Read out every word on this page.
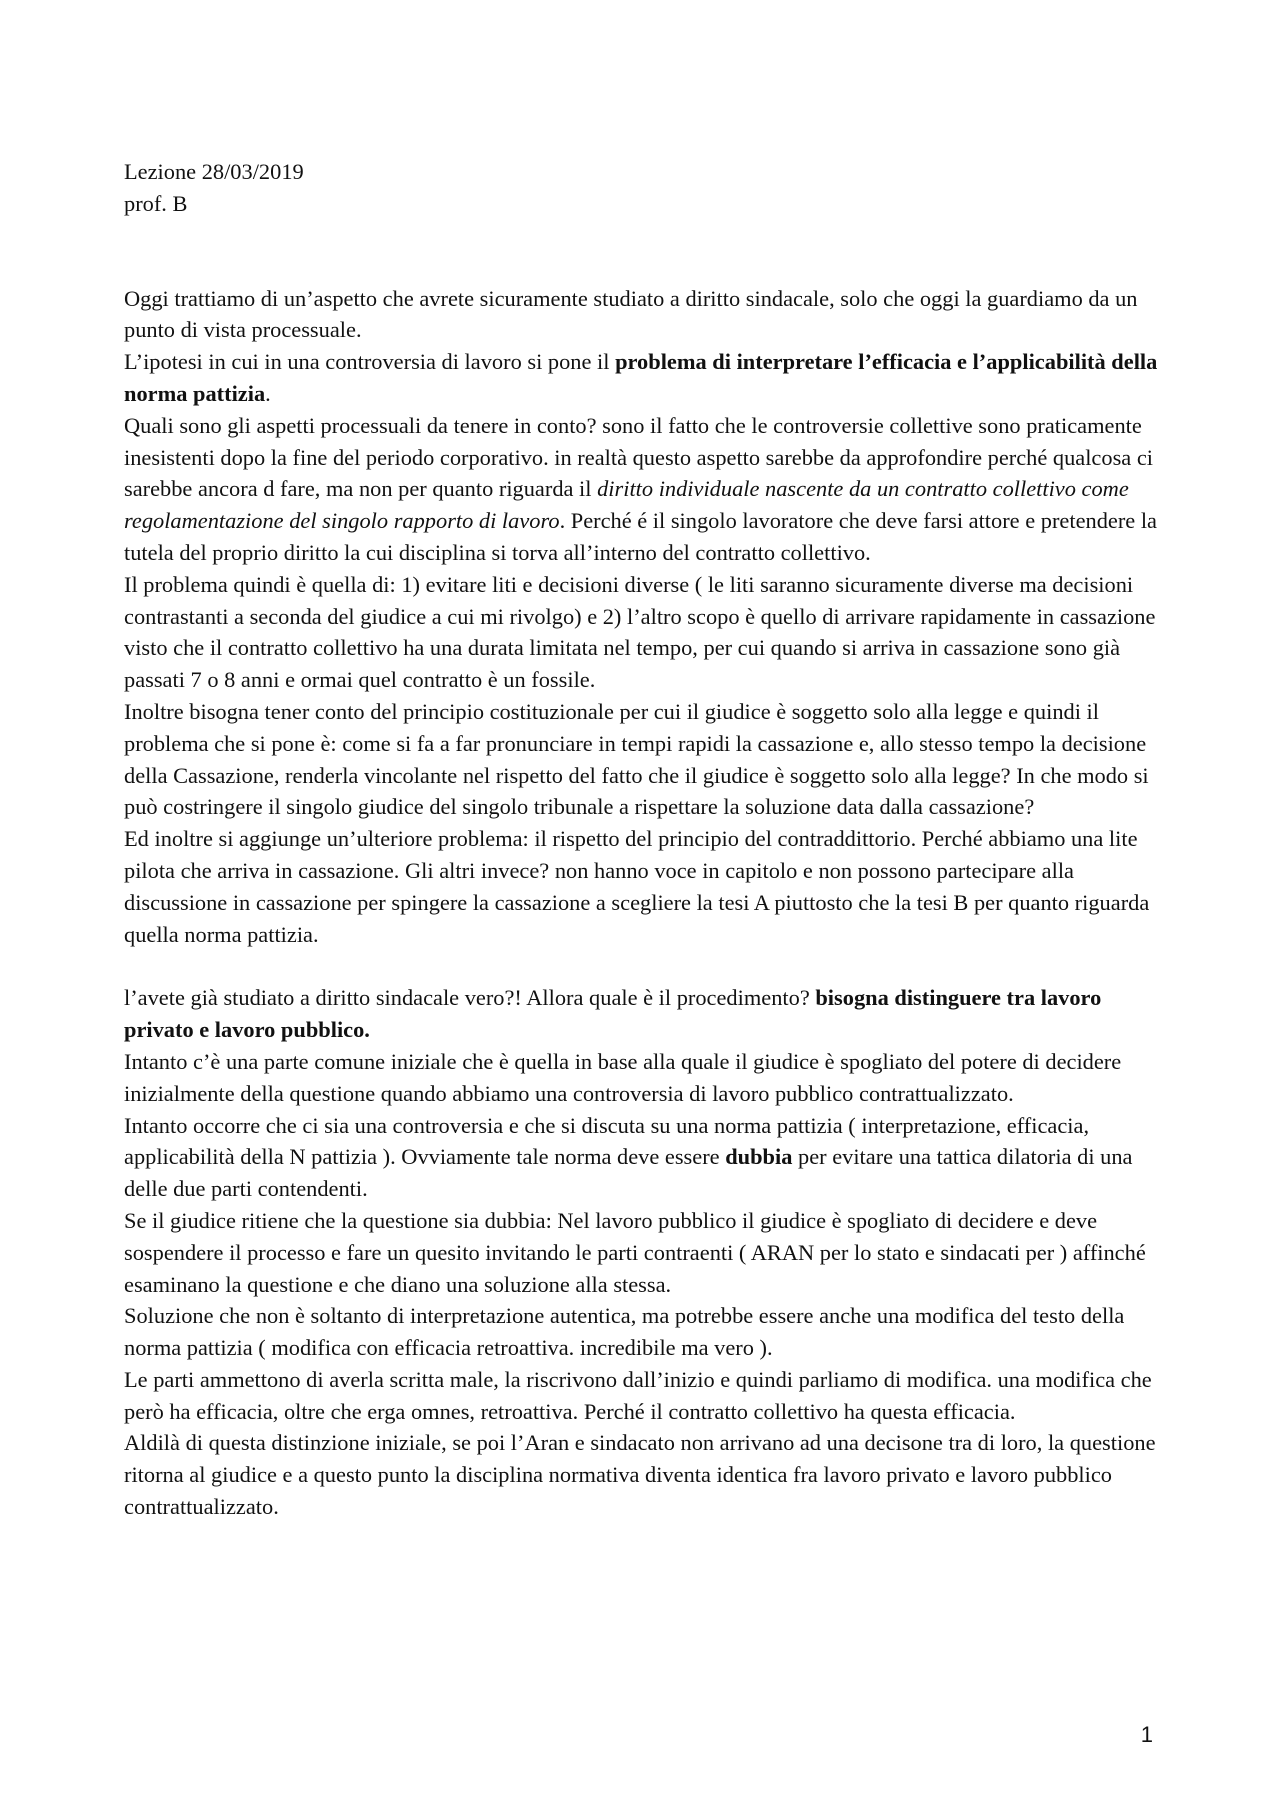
Lezione 28/03/2019
prof. B

Oggi trattiamo di un’aspetto che avrete sicuramente studiato a diritto sindacale, solo che oggi la guardiamo da un punto di vista processuale.

L’ipotesi in cui in una controversia di lavoro si pone il problema di interpretare l’efficacia e l’applicabilità della norma pattizia.

Quali sono gli aspetti processuali da tenere in conto? sono il fatto che le controversie collettive sono praticamente inesistenti dopo la fine del periodo corporativo. in realtà questo aspetto sarebbe da approfondire perché qualcosa ci sarebbe ancora d fare, ma non per quanto riguarda il diritto individuale nascente da un contratto collettivo come regolamentazione del singolo rapporto di lavoro. Perché é il singolo lavoratore che deve farsi attore e pretendere la tutela del proprio diritto la cui disciplina si torva all’interno del contratto collettivo.

Il problema quindi è quella di: 1) evitare liti e decisioni diverse ( le liti saranno sicuramente diverse ma decisioni contrastanti a seconda del giudice a cui mi rivolgo) e 2) l’altro scopo è quello di arrivare rapidamente in cassazione visto che il contratto collettivo ha una durata limitata nel tempo, per cui quando si arriva in cassazione sono già passati 7 o 8 anni e ormai quel contratto è un fossile.

Inoltre bisogna tener conto del principio costituzionale per cui il giudice è soggetto solo alla legge e quindi il problema che si pone è: come si fa a far pronunciare in tempi rapidi la cassazione e, allo stesso tempo la decisione della Cassazione, renderla vincolante nel rispetto del fatto che il giudice è soggetto solo alla legge? In che modo si può costringere il singolo giudice del singolo tribunale a rispettare la soluzione data dalla cassazione?

Ed inoltre si aggiunge un’ulteriore problema: il rispetto del principio del contraddittorio. Perché abbiamo una lite pilota che arriva in cassazione. Gli altri invece? non hanno voce in capitolo e non possono partecipare alla discussione in cassazione per spingere la cassazione a scegliere la tesi A piuttosto che la tesi B per quanto riguarda quella norma pattizia.

l’avete già studiato a diritto sindacale vero?! Allora quale è il procedimento? bisogna distinguere tra lavoro privato e lavoro pubblico.

Intanto c’è una parte comune iniziale che è quella in base alla quale il giudice è spogliato del potere di decidere inizialmente della questione quando abbiamo una controversia di lavoro pubblico contrattualizzato.

Intanto occorre che ci sia una controversia e che si discuta su una norma pattizia ( interpretazione, efficacia, applicabilità della N pattizia ). Ovviamente tale norma deve essere dubbia per evitare una tattica dilatoria di una delle due parti contendenti.

Se il giudice ritiene che la questione sia dubbia: Nel lavoro pubblico il giudice è spogliato di decidere e deve sospendere il processo e fare un quesito invitando le parti contraenti ( ARAN per lo stato e sindacati per ) affinché esaminano la questione e che diano una soluzione alla stessa.

Soluzione che non è soltanto di interpretazione autentica, ma potrebbe essere anche una modifica del testo della norma pattizia ( modifica con efficacia retroattiva. incredibile ma vero ).

Le parti ammettono di averla scritta male, la riscrivono dall’inizio e quindi parliamo di modifica. una modifica che però ha efficacia, oltre che erga omnes, retroattiva. Perché il contratto collettivo ha questa efficacia.

Aldilà di questa distinzione iniziale, se poi l’Aran e sindacato non arrivano ad una decisone tra di loro, la questione ritorna al giudice e a questo punto la disciplina normativa diventa identica fra lavoro privato e lavoro pubblico contrattualizzato.

1
